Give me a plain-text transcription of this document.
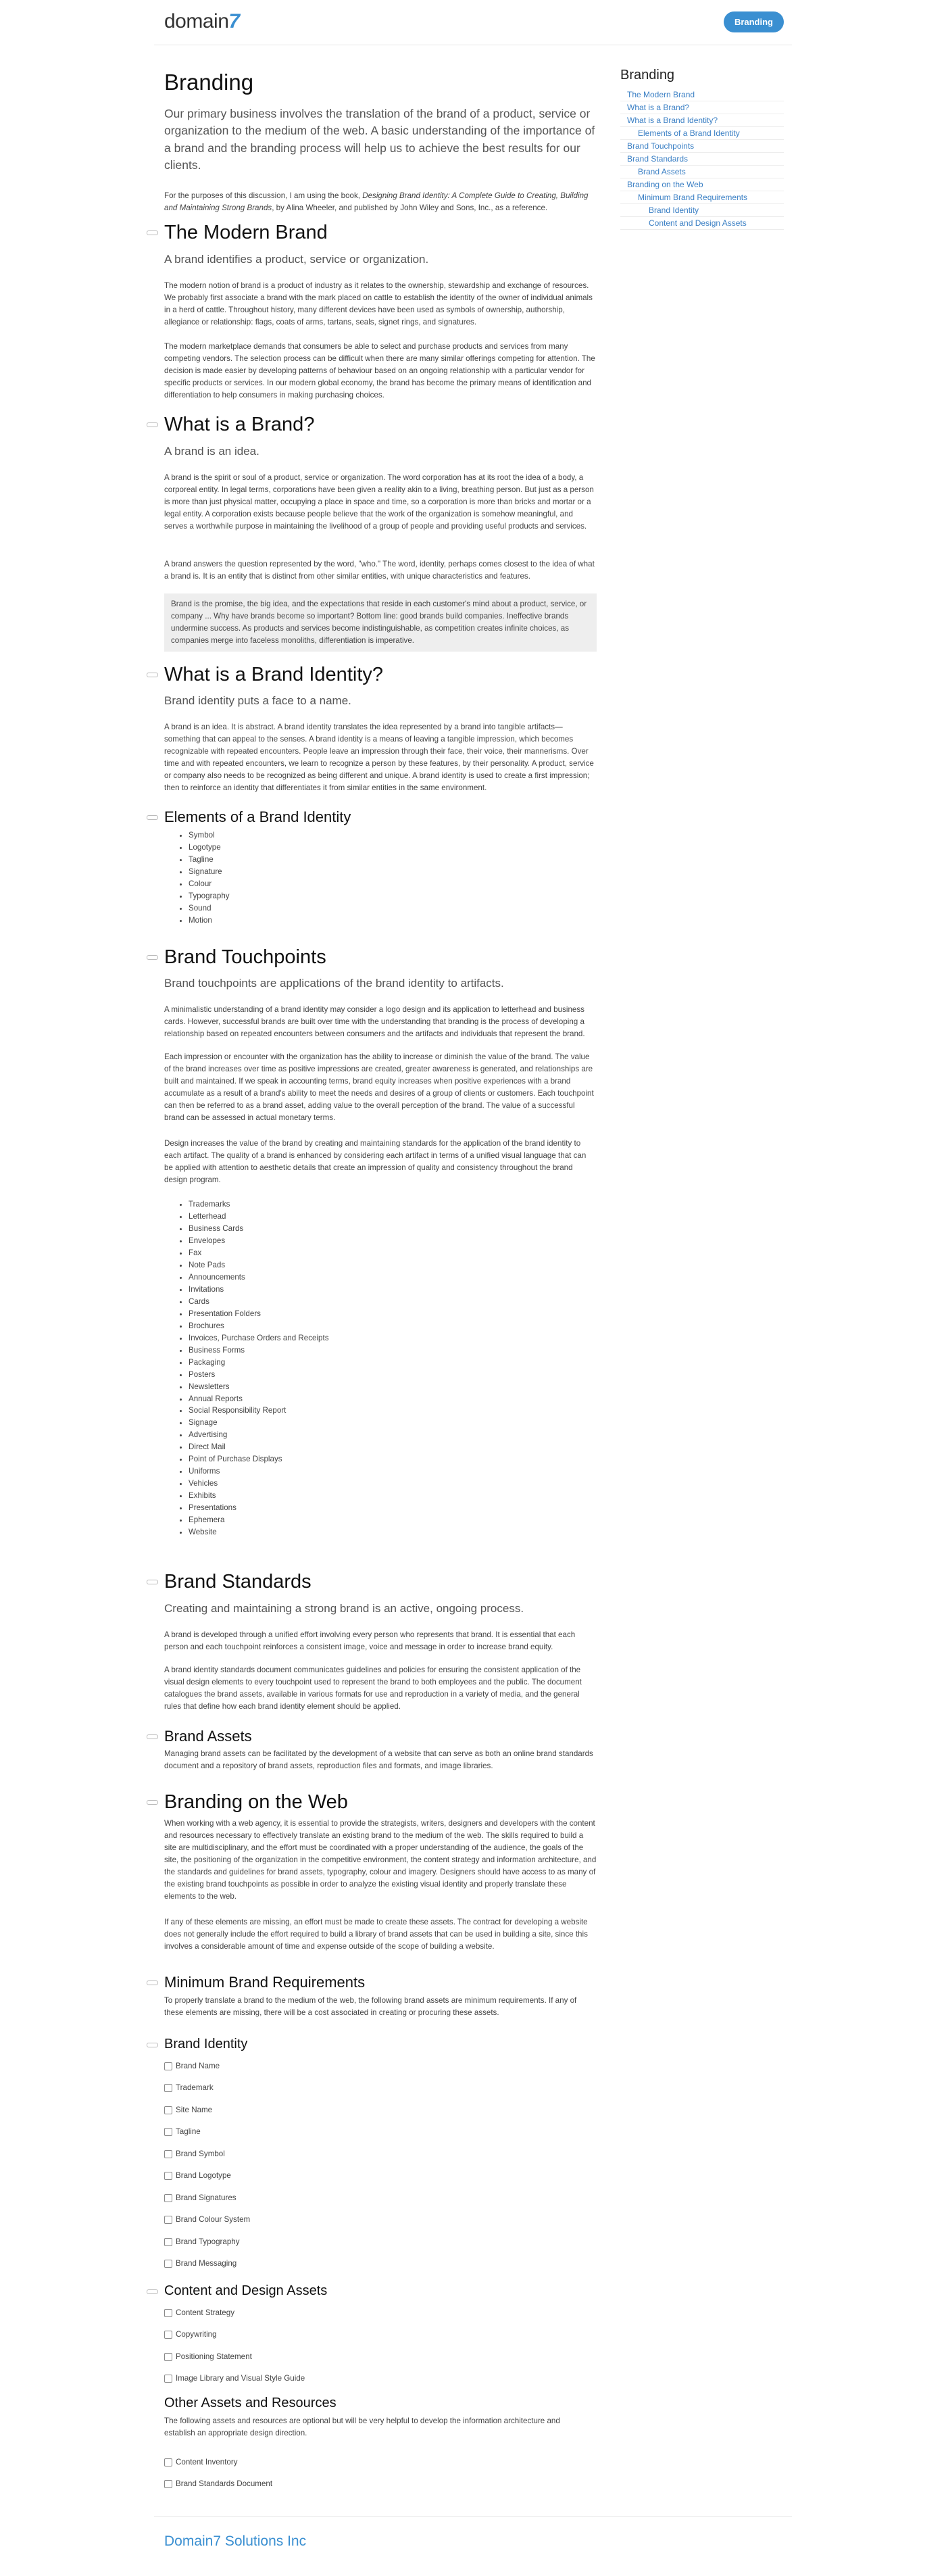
domain7	Branding
Branding
Our primary business involves the translation of the brand of a product, service or organization to the medium of the web. A basic understanding of the importance of a brand and the branding process will help us to achieve the best results for our clients.
For the purposes of this discussion, I am using the book, Designing Brand Identity: A Complete Guide to Creating, Building and Maintaining Strong Brands, by Alina Wheeler, and published by John Wiley and Sons, Inc., as a reference.
The Modern Brand
A brand identifies a product, service or organization.
The modern notion of brand is a product of industry as it relates to the ownership, stewardship and exchange of resources. We probably first associate a brand with the mark placed on cattle to establish the identity of the owner of individual animals in a herd of cattle. Throughout history, many different devices have been used as symbols of ownership, authorship, allegiance or relationship: flags, coats of arms, tartans, seals, signet rings, and signatures.
The modern marketplace demands that consumers be able to select and purchase products and services from many competing vendors. The selection process can be difficult when there are many similar offerings competing for attention. The decision is made easier by developing patterns of behaviour based on an ongoing relationship with a particular vendor for specific products or services. In our modern global economy, the brand has become the primary means of identification and differentiation to help consumers in making purchasing choices.
What is a Brand?
A brand is an idea.
A brand is the spirit or soul of a product, service or organization. The word corporation has at its root the idea of a body, a corporeal entity. In legal terms, corporations have been given a reality akin to a living, breathing person. But just as a person is more than just physical matter, occupying a place in space and time, so a corporation is more than bricks and mortar or a legal entity. A corporation exists because people believe that the work of the organization is somehow meaningful, and serves a worthwhile purpose in maintaining the livelihood of a group of people and providing useful products and services.
A brand answers the question represented by the word, "who." The word, identity, perhaps comes closest to the idea of what a brand is. It is an entity that is distinct from other similar entities, with unique characteristics and features.
Brand is the promise, the big idea, and the expectations that reside in each customer's mind about a product, service, or company ... Why have brands become so important? Bottom line: good brands build companies. Ineffective brands undermine success. As products and services become indistinguishable, as competition creates infinite choices, as companies merge into faceless monoliths, differentiation is imperative.
What is a Brand Identity?
Brand identity puts a face to a name.
A brand is an idea. It is abstract. A brand identity translates the idea represented by a brand into tangible artifacts—something that can appeal to the senses. A brand identity is a means of leaving a tangible impression, which becomes recognizable with repeated encounters. People leave an impression through their face, their voice, their mannerisms. Over time and with repeated encounters, we learn to recognize a person by these features, by their personality. A product, service or company also needs to be recognized as being different and unique. A brand identity is used to create a first impression; then to reinforce an identity that differentiates it from similar entities in the same environment.
Elements of a Brand Identity
• Symbol
• Logotype
• Tagline
• Signature
• Colour
• Typography
• Sound
• Motion
Brand Touchpoints
Brand touchpoints are applications of the brand identity to artifacts.
A minimalistic understanding of a brand identity may consider a logo design and its application to letterhead and business cards. However, successful brands are built over time with the understanding that branding is the process of developing a relationship based on repeated encounters between consumers and the artifacts and individuals that represent the brand.
Each impression or encounter with the organization has the ability to increase or diminish the value of the brand. The value of the brand increases over time as positive impressions are created, greater awareness is generated, and relationships are built and maintained. If we speak in accounting terms, brand equity increases when positive experiences with a brand accumulate as a result of a brand's ability to meet the needs and desires of a group of clients or customers. Each touchpoint can then be referred to as a brand asset, adding value to the overall perception of the brand. The value of a successful brand can be assessed in actual monetary terms.
Design increases the value of the brand by creating and maintaining standards for the application of the brand identity to each artifact. The quality of a brand is enhanced by considering each artifact in terms of a unified visual language that can be applied with attention to aesthetic details that create an impression of quality and consistency throughout the brand design program.
• Trademarks
• Letterhead
• Business Cards
• Envelopes
• Fax
• Note Pads
• Announcements
• Invitations
• Cards
• Presentation Folders
• Brochures
• Invoices, Purchase Orders and Receipts
• Business Forms
• Packaging
• Posters
• Newsletters
• Annual Reports
• Social Responsibility Report
• Signage
• Advertising
• Direct Mail
• Point of Purchase Displays
• Uniforms
• Vehicles
• Exhibits
• Presentations
• Ephemera
• Website
Brand Standards
Creating and maintaining a strong brand is an active, ongoing process.
A brand is developed through a unified effort involving every person who represents that brand. It is essential that each person and each touchpoint reinforces a consistent image, voice and message in order to increase brand equity.
A brand identity standards document communicates guidelines and policies for ensuring the consistent application of the visual design elements to every touchpoint used to represent the brand to both employees and the public. The document catalogues the brand assets, available in various formats for use and reproduction in a variety of media, and the general rules that define how each brand identity element should be applied.
Brand Assets
Managing brand assets can be facilitated by the development of a website that can serve as both an online brand standards document and a repository of brand assets, reproduction files and formats, and image libraries.
Branding on the Web
When working with a web agency, it is essential to provide the strategists, writers, designers and developers with the content and resources necessary to effectively translate an existing brand to the medium of the web. The skills required to build a site are multidisciplinary, and the effort must be coordinated with a proper understanding of the audience, the goals of the site, the positioning of the organization in the competitive environment, the content strategy and information architecture, and the standards and guidelines for brand assets, typography, colour and imagery. Designers should have access to as many of the existing brand touchpoints as possible in order to analyze the existing visual identity and properly translate these elements to the web.
If any of these elements are missing, an effort must be made to create these assets. The contract for developing a website does not generally include the effort required to build a library of brand assets that can be used in building a site, since this involves a considerable amount of time and expense outside of the scope of building a website.
Minimum Brand Requirements
To properly translate a brand to the medium of the web, the following brand assets are minimum requirements. If any of these elements are missing, there will be a cost associated in creating or procuring these assets.
Brand Identity
Brand Name
Trademark
Site Name
Tagline
Brand Symbol
Brand Logotype
Brand Signatures
Brand Colour System
Brand Typography
Brand Messaging
Content and Design Assets
Content Strategy
Copywriting
Positioning Statement
Image Library and Visual Style Guide
Other Assets and Resources
The following assets and resources are optional but will be very helpful to develop the information architecture and establish an appropriate design direction.
Content Inventory
Brand Standards Document
Branding
The Modern Brand
What is a Brand?
What is a Brand Identity?
Elements of a Brand Identity
Brand Touchpoints
Brand Standards
Brand Assets
Branding on the Web
Minimum Brand Requirements
Brand Identity
Content and Design Assets
Domain7 Solutions Inc
